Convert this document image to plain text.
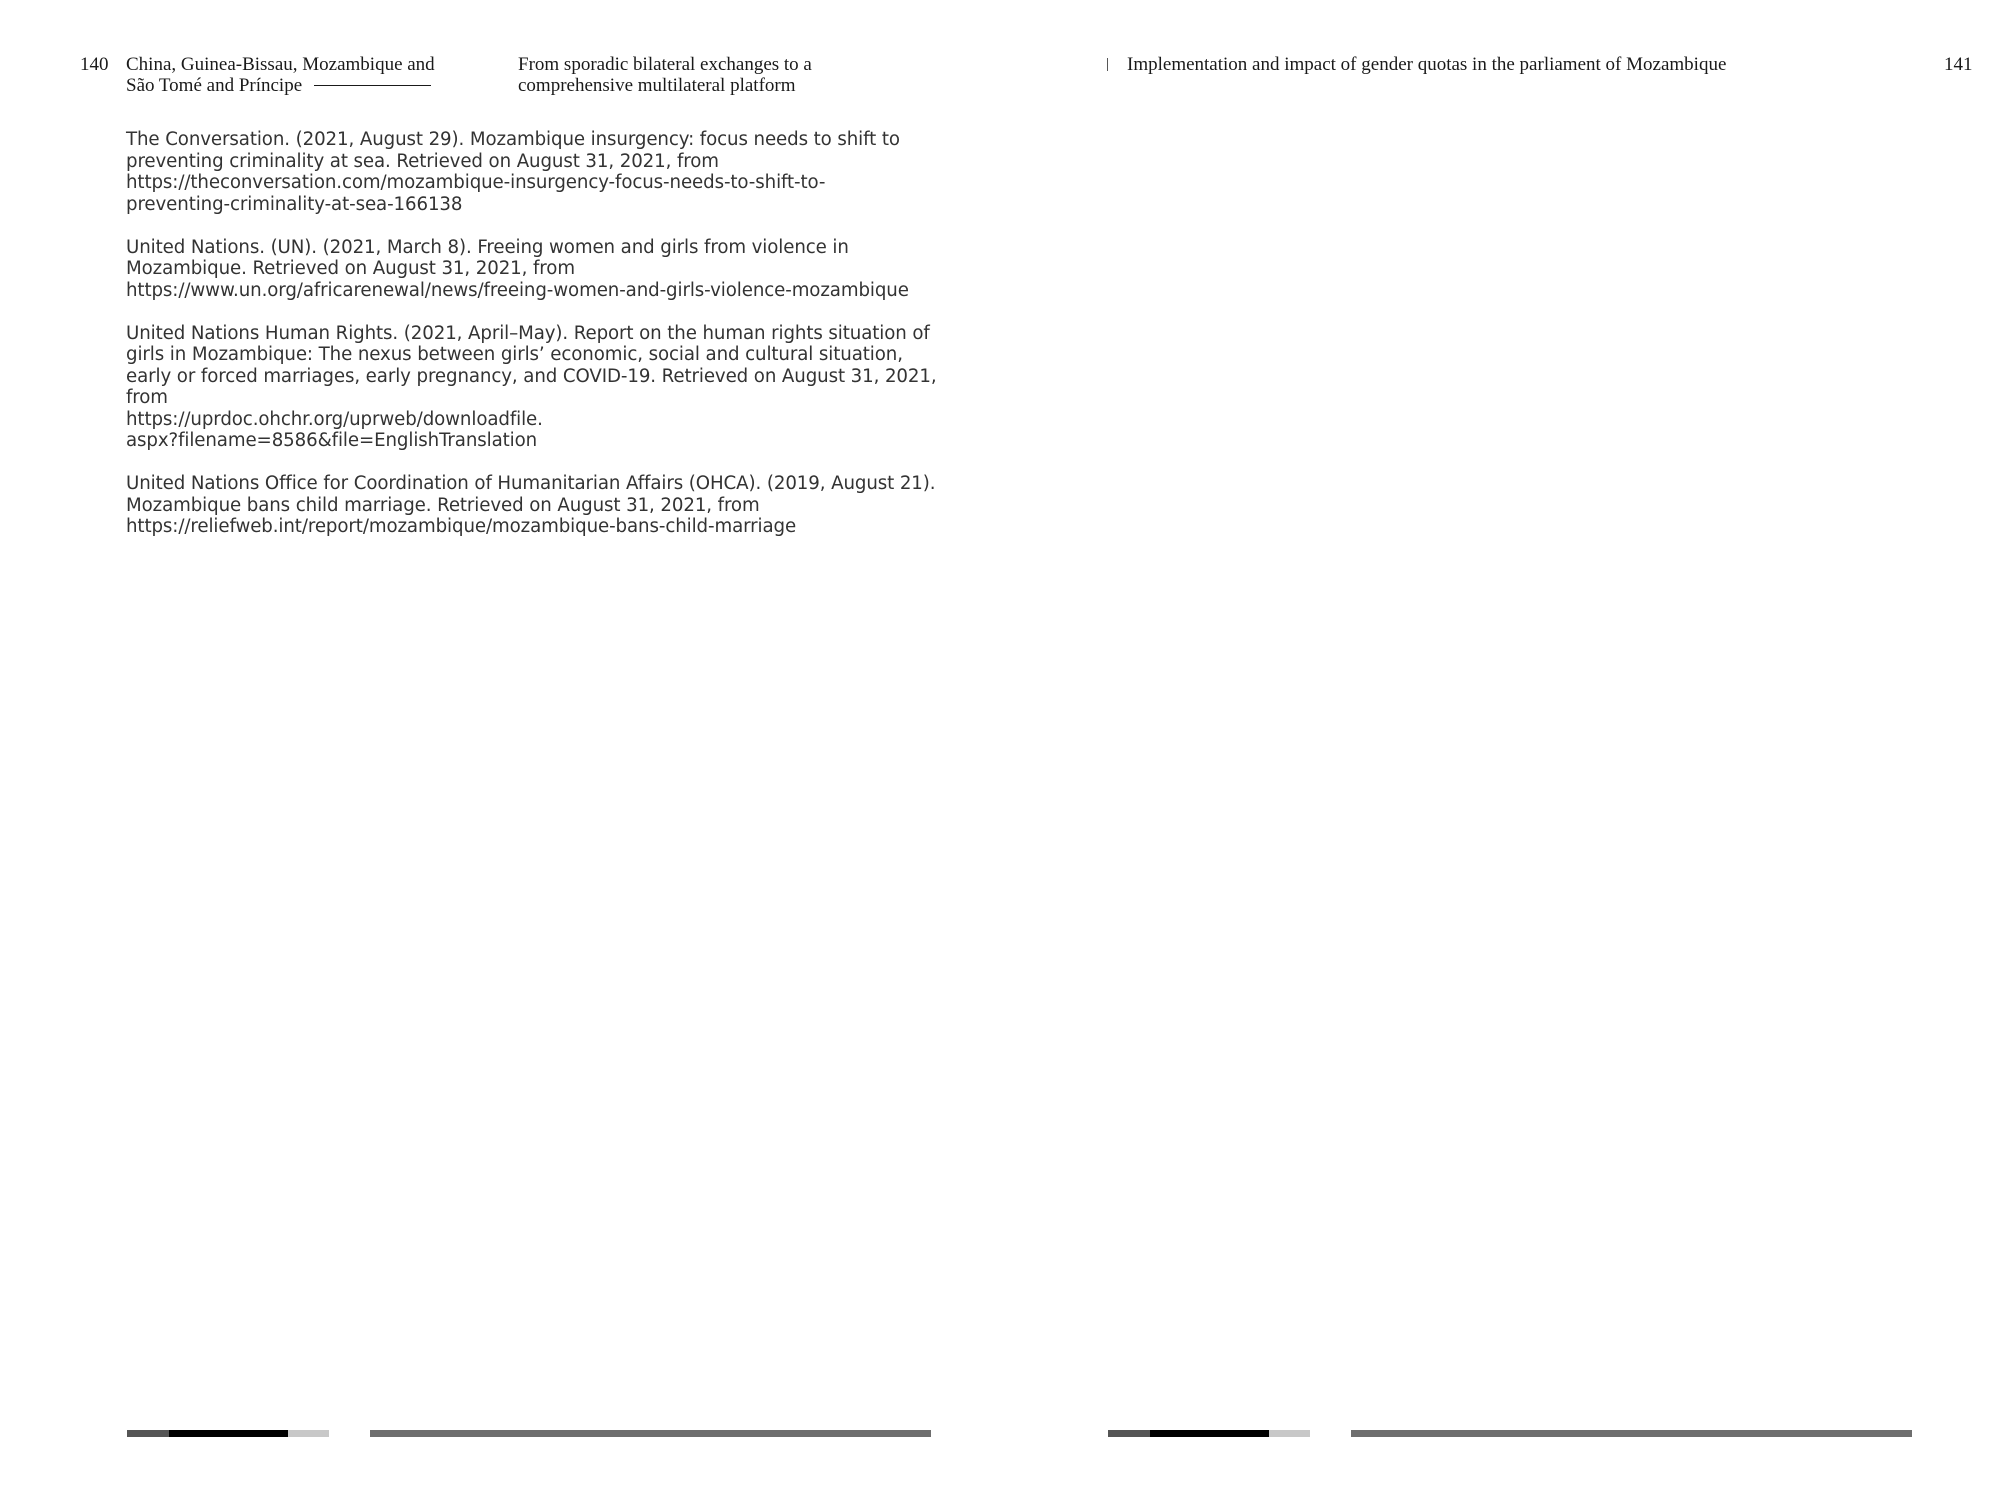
140 China, Guinea-Bissau, Mozambique and
São Tomé and Príncipe
From sporadic bilateral exchanges to a
comprehensive multilateral platform
The Conversation. (2021, August 29). Mozambique insurgency: focus needs to shift to
preventing criminality at sea. Retrieved on August 31, 2021, from
https://theconversation.com/mozambique-insurgency-focus-needs-to-shift-to-
preventing-criminality-at-sea-166138
United Nations. (UN). (2021, March 8). Freeing women and girls from violence in
Mozambique. Retrieved on August 31, 2021, from
https://www.un.org/africarenewal/news/freeing-women-and-girls-violence-mozambique
United Nations Human Rights. (2021, April–May). Report on the human rights situation of
girls in Mozambique: The nexus between girls’ economic, social and cultural situation,
early or forced marriages, early pregnancy, and COVID-19. Retrieved on August 31, 2021,
from
https://uprdoc.ohchr.org/uprweb/downloadfile.
aspx?filename=8586&file=EnglishTranslation
United Nations Office for Coordination of Humanitarian Affairs (OHCA). (2019, August 21).
Mozambique bans child marriage. Retrieved on August 31, 2021, from
https://reliefweb.int/report/mozambique/mozambique-bans-child-marriage
| Implementation and impact of gender quotas in the parliament of Mozambique	141
